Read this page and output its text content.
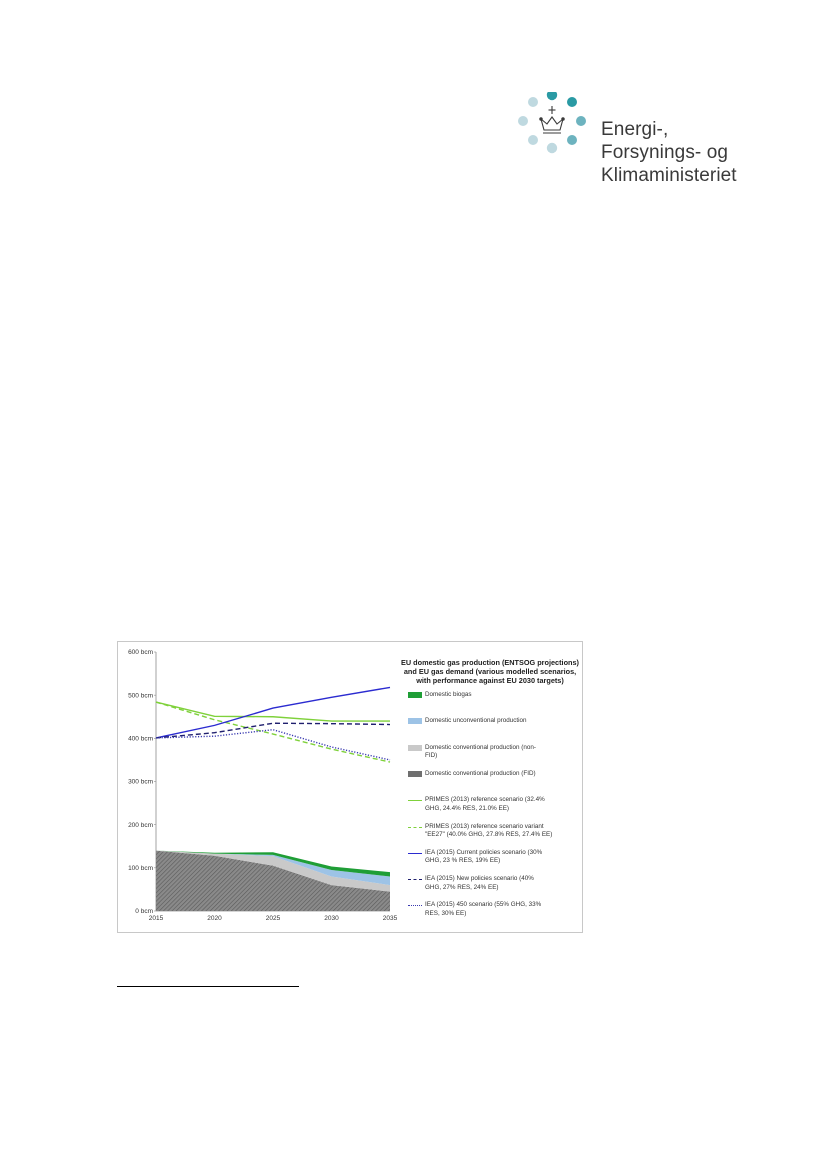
Energi-,
Forsynings- og
Klimaministeriet
0 bcm
100 bcm
200 bcm
300 bcm
400 bcm
500 bcm
600 bcm
2015	2020	2025	2030	2035
EU domestic gas production (ENTSOG projections)
and EU gas demand (various modelled scenarios,
with performance against EU 2030 targets)
Domestic biogas
Domestic unconventional production
Domestic conventional production (non-
FID)
Domestic conventional production (FID)
PRIMES (2013) reference scenario (32.4%
GHG, 24.4% RES, 21.0% EE)
PRIMES (2013) reference scenario variant
"EE27" (40.0% GHG, 27.8% RES, 27.4% EE)
IEA (2015) Current policies scenario (30%
GHG, 23 % RES, 19% EE)
IEA (2015) New policies scenario (40%
GHG, 27% RES, 24% EE)
IEA (2015) 450 scenario (55% GHG, 33%
RES, 30% EE)
